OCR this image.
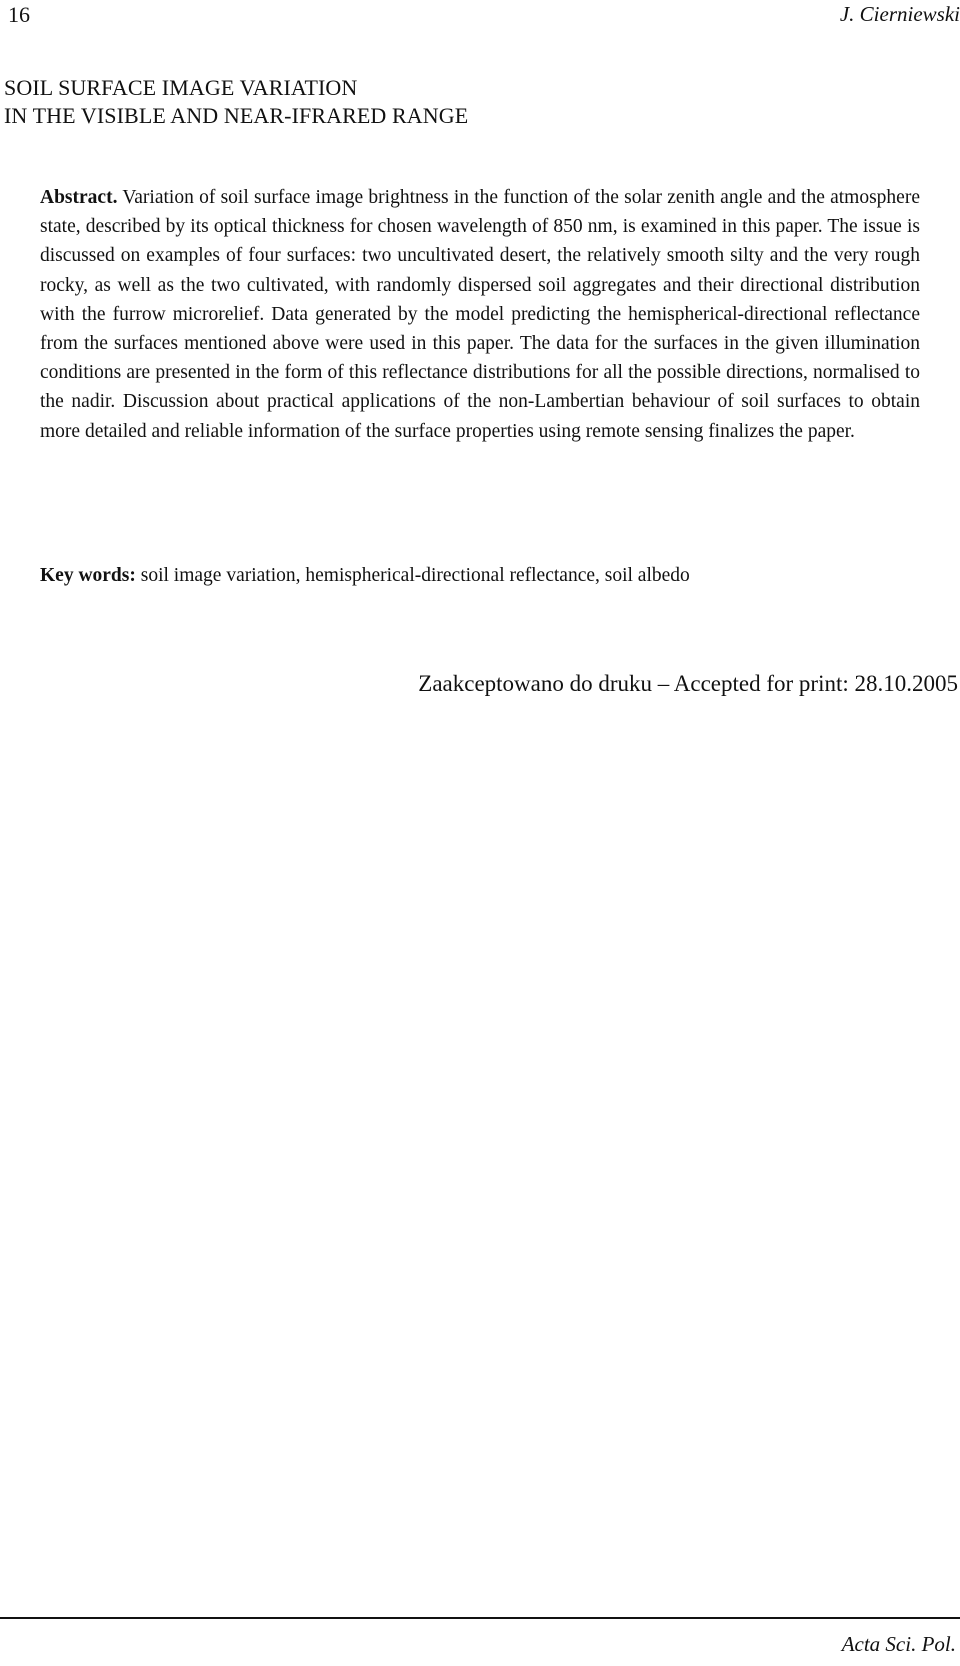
16	J. Cierniewski
SOIL SURFACE IMAGE VARIATION
IN THE VISIBLE AND NEAR-IFRARED RANGE

Abstract. Variation of soil surface image brightness in the function of the solar zenith angle and the atmosphere state, described by its optical thickness for chosen wavelength of 850 nm, is examined in this paper. The issue is discussed on examples of four surfaces: two uncultivated desert, the relatively smooth silty and the very rough rocky, as well as the two cultivated, with randomly dispersed soil aggregates and their directional distribution with the furrow microrelief. Data generated by the model predicting the hemispherical-directional reflectance from the surfaces mentioned above were used in this paper. The data for the surfaces in the given illumination conditions are presented in the form of this reflectance distributions for all the possible directions, normalised to the nadir. Discussion about practical applications of the non-Lambertian behaviour of soil surfaces to obtain more detailed and reliable information of the surface properties using remote sensing finalizes the paper.

Key words: soil image variation, hemispherical-directional reflectance, soil albedo

Zaakceptowano do druku – Accepted for print: 28.10.2005
Acta Sci. Pol.
